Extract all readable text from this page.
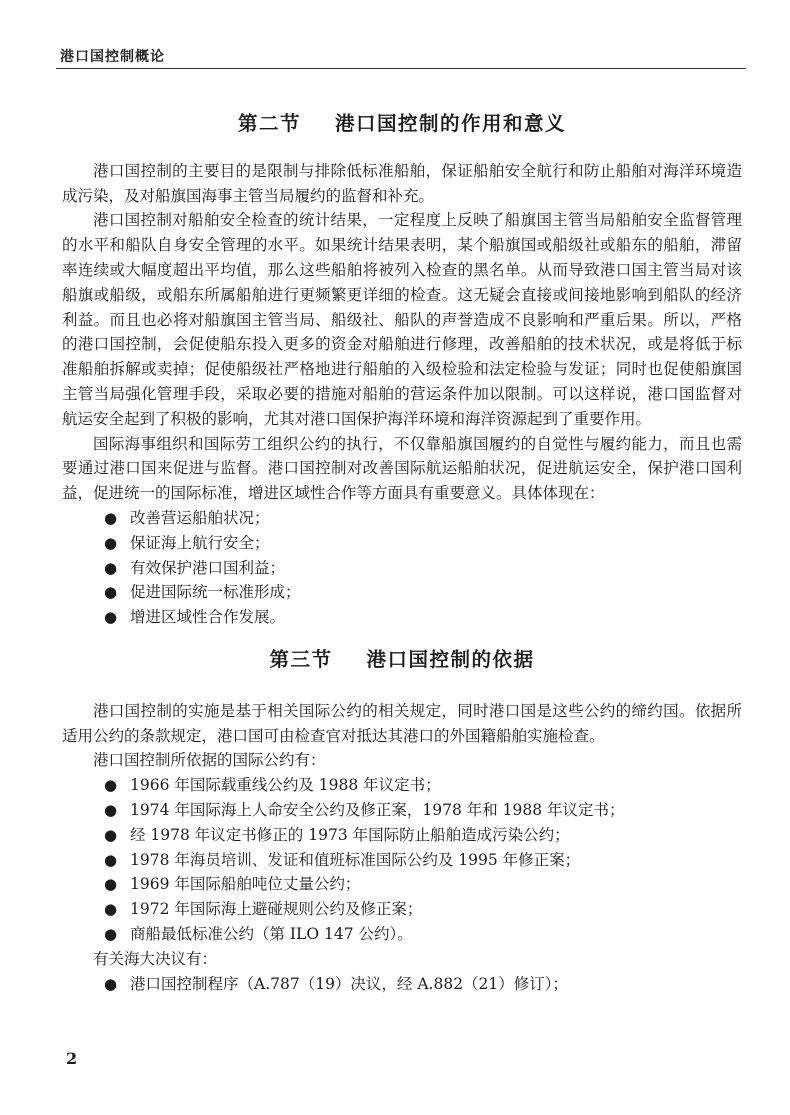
港口国控制概论
第二节 港口国控制的作用和意义

港口国控制的主要目的是限制与排除低标准船舶，保证船舶安全航行和防止船舶对海洋环境造成污染，及对船旗国海事主管当局履约的监督和补充。

港口国控制对船舶安全检查的统计结果，一定程度上反映了船旗国主管当局船舶安全监督管理的水平和船队自身安全管理的水平。如果统计结果表明，某个船旗国或船级社或船东的船舶，滞留率连续或大幅度超出平均值，那么这些船舶将被列入检查的黑名单。从而导致港口国主管当局对该船旗或船级，或船东所属船舶进行更频繁更详细的检查。这无疑会直接或间接地影响到船队的经济利益。而且也必将对船旗国主管当局、船级社、船队的声誉造成不良影响和严重后果。所以，严格的港口国控制，会促使船东投入更多的资金对船舶进行修理，改善船舶的技术状况，或是将低于标准船舶拆解或卖掉；促使船级社严格地进行船舶的入级检验和法定检验与发证；同时也促使船旗国主管当局强化管理手段，采取必要的措施对船舶的营运条件加以限制。可以这样说，港口国监督对航运安全起到了积极的影响，尤其对港口国保护海洋环境和海洋资源起到了重要作用。

国际海事组织和国际劳工组织公约的执行，不仅靠船旗国履约的自觉性与履约能力，而且也需要通过港口国来促进与监督。港口国控制对改善国际航运船舶状况，促进航运安全，保护港口国利益，促进统一的国际标准，增进区域性合作等方面具有重要意义。具体体现在：

● 改善营运船舶状况；
● 保证海上航行安全；
● 有效保护港口国利益；
● 促进国际统一标准形成；
● 增进区域性合作发展。
第三节 港口国控制的依据

港口国控制的实施是基于相关国际公约的相关规定，同时港口国是这些公约的缔约国。依据所适用公约的条款规定，港口国可由检查官对抵达其港口的外国籍船舶实施检查。

港口国控制所依据的国际公约有：

● 1966 年国际载重线公约及 1988 年议定书；
● 1974 年国际海上人命安全公约及修正案，1978 年和 1988 年议定书；
● 经 1978 年议定书修正的 1973 年国际防止船舶造成污染公约；
● 1978 年海员培训、发证和值班标准国际公约及 1995 年修正案；
● 1969 年国际船舶吨位丈量公约；
● 1972 年国际海上避碰规则公约及修正案；
● 商船最低标准公约（第 ILO 147 公约）。

有关海大决议有：

● 港口国控制程序（A.787（19）决议，经 A.882（21）修订）；
2
